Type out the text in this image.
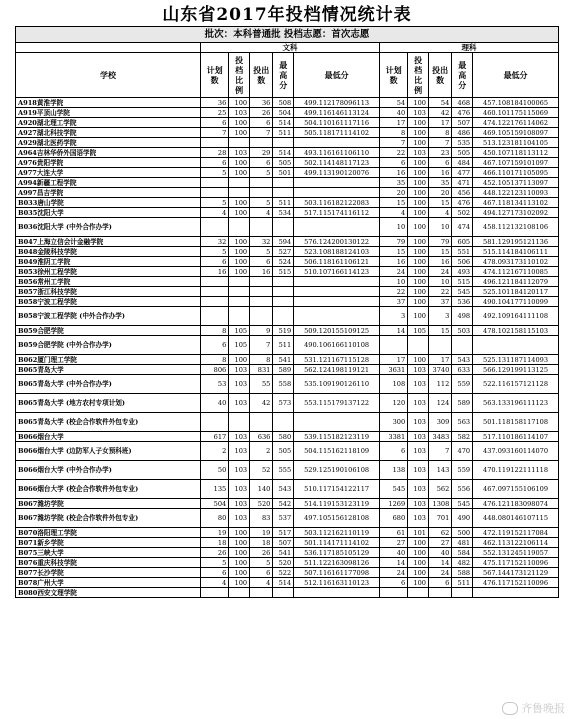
山东省2017年投档情况统计表
批次：本科普通批 投档志愿：首次志愿										
	文科					理科				
学校	计划数	投档比例	投出数	最高分	最低分	计划数	投档比例	投出数	最高分	最低分
A918黄淮学院	36	100	36	508	499.112178096113	54	100	54	468	457.108184100065
A919平顶山学院	25	103	26	504	499.116146113124	40	103	42	476	460.101175115069
A920湖北理工学院	6	100	6	514	504.110161117116	17	100	17	507	474.122176114062
A927湖北科技学院	7	100	7	511	505.118171114102	8	100	8	486	469.105159108097
A929湖北医药学院						7	100	7	535	513.123181104105
A964吉林华侨外国语学院	28	103	29	514	493.116161106110	22	103	23	505	450.107118113112
A976贵阳学院	6	100	6	505	502.114148117123	6	100	6	484	467.107159101097
A977大连大学	5	100	5	501	499.113190120076	16	100	16	477	466.110171105095
A994新疆工程学院						35	100	35	471	452.105137113097
A997昌吉学院						20	100	20	456	448.122123110093
B033唐山学院	5	100	5	511	503.116182122083	15	100	15	476	467.118134113102
B035沈阳大学	4	100	4	534	517.115174116112	4	100	4	502	494.127173102092
B036沈阳大学 (中外合作办学)						10	100	10	474	458.112132108106
B047上海立信会计金融学院	32	100	32	594	576.124200130122	79	100	79	605	581.129195121136
B048金陵科技学院	5	100	5	527	523.108188124103	15	100	15	551	515.114184106111
B049淮阴工学院	6	100	6	524	506.118161106121	16	100	16	506	478.093173110102
B053徐州工程学院	16	100	16	515	510.107166114123	24	100	24	493	474.112167110085
B056常州工学院						10	100	10	515	496.121184112079
B057浙江科技学院						22	100	22	545	525.101184120117
B058宁波工程学院						37	100	37	536	490.104177110099
B058宁波工程学院 (中外合作办学)						3	100	3	498	492.109164111108
B059合肥学院	8	105	9	519	509.120155109125	14	105	15	503	478.102158115103
B059合肥学院 (中外合作办学)	6	105	7	511	490.106166110108					
B062厦门理工学院	8	100	8	541	531.121167115128	17	100	17	543	525.131187114093
B065青岛大学	806	103	831	589	562.124198119121	3631	103	3740	633	566.129199113125
B065青岛大学 (中外合作办学)	53	103	55	558	535.109190126110	108	103	112	559	522.116157121128
B065青岛大学 (地方农村专项计划)	40	103	42	573	553.115179137122	120	103	124	589	563.133196111123
B065青岛大学 (校企合作软件外包专业)						300	103	309	563	501.118158117108
B066烟台大学	617	103	636	580	539.115182123119	3381	103	3483	582	517.110186114107
B066烟台大学 (边防军人子女预科班)	2	103	2	505	504.115162118109	6	103	7	470	437.093160114070
B066烟台大学 (中外合作办学)	50	103	52	555	529.125190106108	138	103	143	559	470.119122111118
B066烟台大学 (校企合作软件外包专业)	135	103	140	543	510.117154122117	545	103	562	556	467.097155106109
B067潍坊学院	504	103	520	542	514.119153123119	1269	103	1308	545	476.121183098074
B067潍坊学院 (校企合作软件外包专业)	80	103	83	537	497.105156128108	680	103	701	490	448.080146107115
B070洛阳理工学院	19	100	19	517	503.112162110119	61	101	62	500	472.119152117084
B071新乡学院	18	100	18	507	501.114171114102	27	100	27	481	462.113122106114
B075三峡大学	26	100	26	541	536.117185105129	40	100	40	584	552.131245119057
B076重庆科技学院	5	100	5	520	511.122163098126	14	100	14	482	475.117152110096
B077长沙学院	6	100	6	522	507.116161177098	24	100	24	588	567.144173121129
B078广州大学	4	100	4	514	512.116163110123	6	100	6	511	476.117152110096
B080西安文理学院										
齐鲁晚报
